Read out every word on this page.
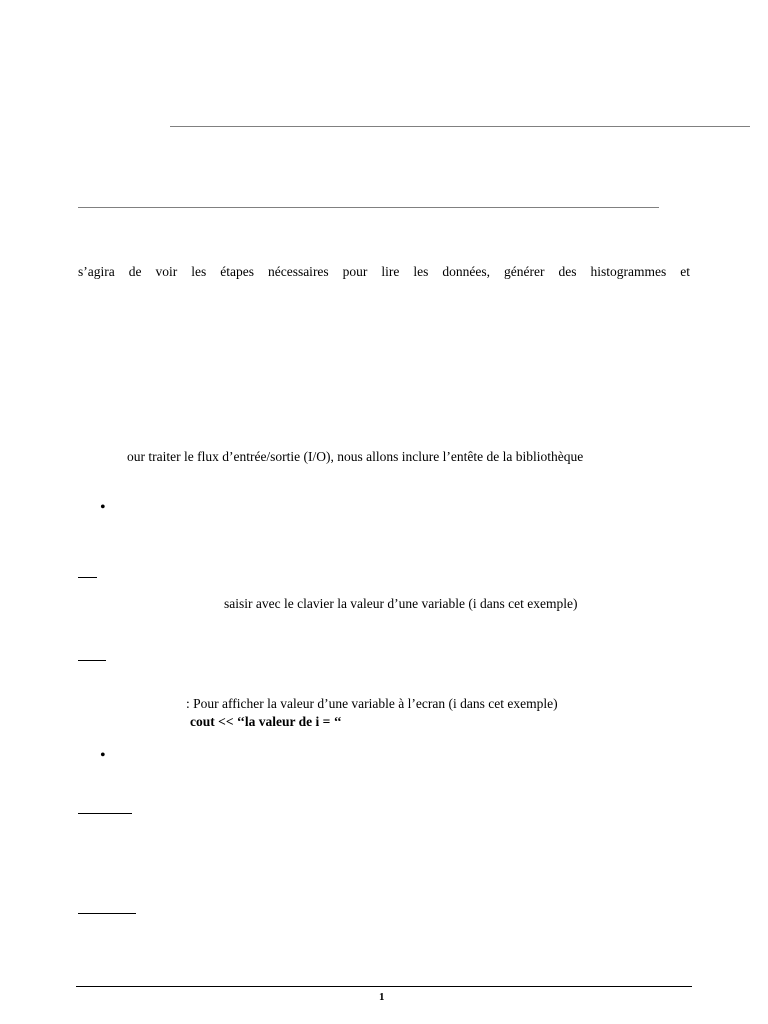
s’agira de voir les étapes nécessaires pour lire les données, générer des histogrammes et
our traiter le flux d’entrée/sortie (I/O), nous allons inclure l’entête de la bibliothèque
•
saisir avec le clavier la valeur d’une variable (i dans cet exemple)
: Pour afficher la valeur d’une variable à l’ecran (i dans cet exemple)
cout << ‘‘la valeur de i = ‘‘
•
1
